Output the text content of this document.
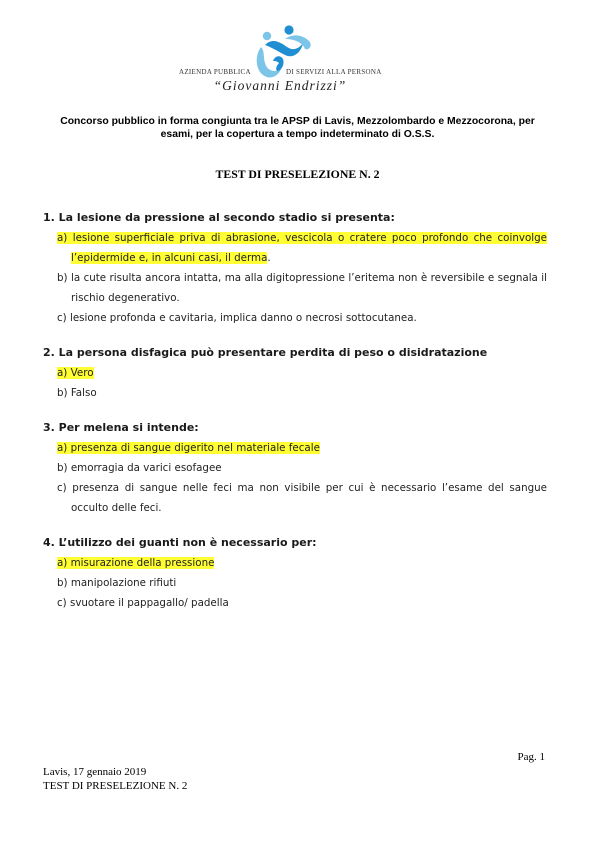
AZIENDA PUBBLICA	DI SERVIZI ALLA PERSONA
“Giovanni Endrizzi”
Concorso pubblico in forma congiunta tra le APSP di Lavis, Mezzolombardo e Mezzocorona, per
esami, per la copertura a tempo indeterminato di O.S.S.
TEST DI PRESELEZIONE N. 2
1. La lesione da pressione al secondo stadio si presenta:
a) lesione superficiale priva di abrasione, vescicola o cratere poco profondo che coinvolge l’epidermide e, in alcuni casi, il derma.
b) la cute risulta ancora intatta, ma alla digitopressione l’eritema non è reversibile e segnala il rischio degenerativo.
c) lesione profonda e cavitaria, implica danno o necrosi sottocutanea.
2. La persona disfagica può presentare perdita di peso o disidratazione
a) Vero
b) Falso
3. Per melena si intende:
a) presenza di sangue digerito nel materiale fecale
b) emorragia da varici esofagee
c) presenza di sangue nelle feci ma non visibile per cui è necessario l’esame del sangue occulto delle feci.
4. L’utilizzo dei guanti non è necessario per:
a) misurazione della pressione
b) manipolazione rifiuti
c) svuotare il pappagallo/ padella
Pag. 1
Lavis, 17 gennaio 2019
TEST DI PRESELEZIONE N. 2
